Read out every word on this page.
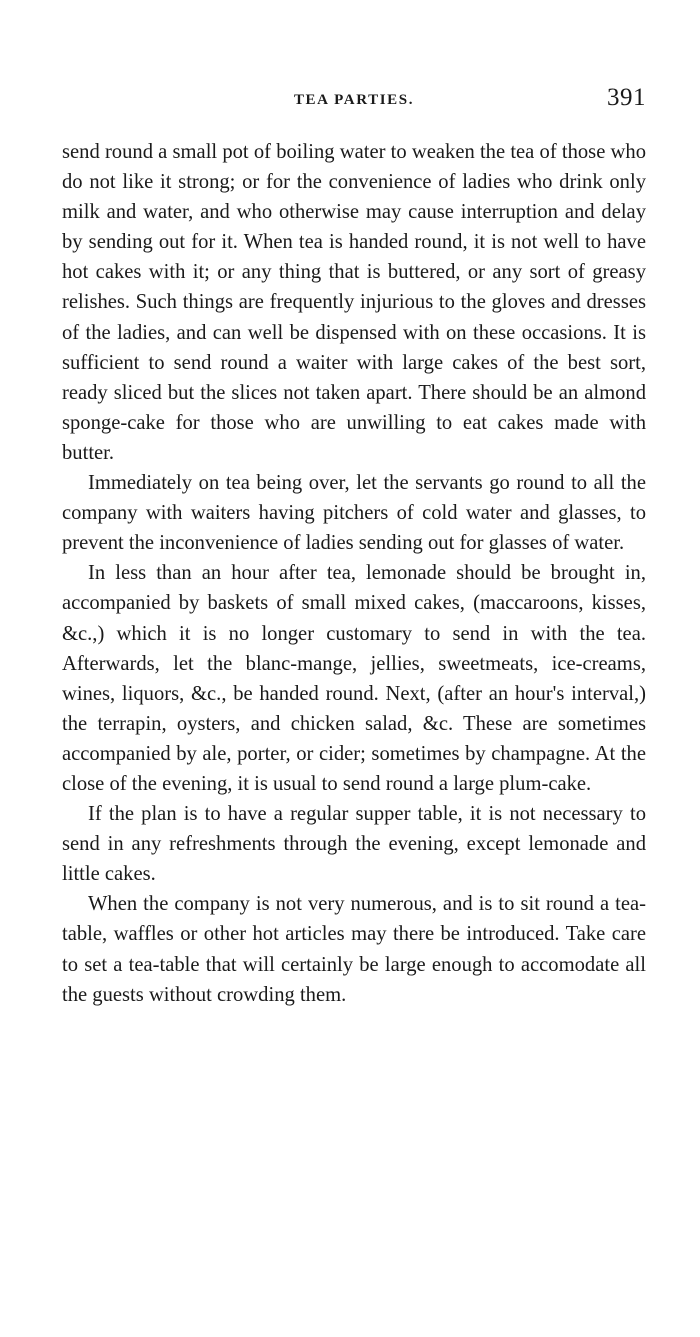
TEA PARTIES.	391

send round a small pot of boiling water to weaken the tea of those who do not like it strong; or for the convenience of ladies who drink only milk and water, and who otherwise may cause interruption and delay by sending out for it. When tea is handed round, it is not well to have hot cakes with it; or any thing that is buttered, or any sort of greasy relishes. Such things are frequently injurious to the gloves and dresses of the ladies, and can well be dispensed with on these occasions. It is sufficient to send round a waiter with large cakes of the best sort, ready sliced but the slices not taken apart. There should be an almond sponge-cake for those who are unwilling to eat cakes made with butter.

Immediately on tea being over, let the servants go round to all the company with waiters having pitchers of cold water and glasses, to prevent the inconvenience of ladies sending out for glasses of water.

In less than an hour after tea, lemonade should be brought in, accompanied by baskets of small mixed cakes, (maccaroons, kisses, &c.,) which it is no longer customary to send in with the tea. Afterwards, let the blanc-mange, jellies, sweetmeats, ice-creams, wines, liquors, &c., be handed round. Next, (after an hour's interval,) the terrapin, oysters, and chicken salad, &c. These are sometimes accompanied by ale, porter, or cider; sometimes by champagne. At the close of the evening, it is usual to send round a large plum-cake.

If the plan is to have a regular supper table, it is not necessary to send in any refreshments through the evening, except lemonade and little cakes.

When the company is not very numerous, and is to sit round a tea-table, waffles or other hot articles may there be introduced. Take care to set a tea-table that will certainly be large enough to accomodate all the guests without crowding them.
